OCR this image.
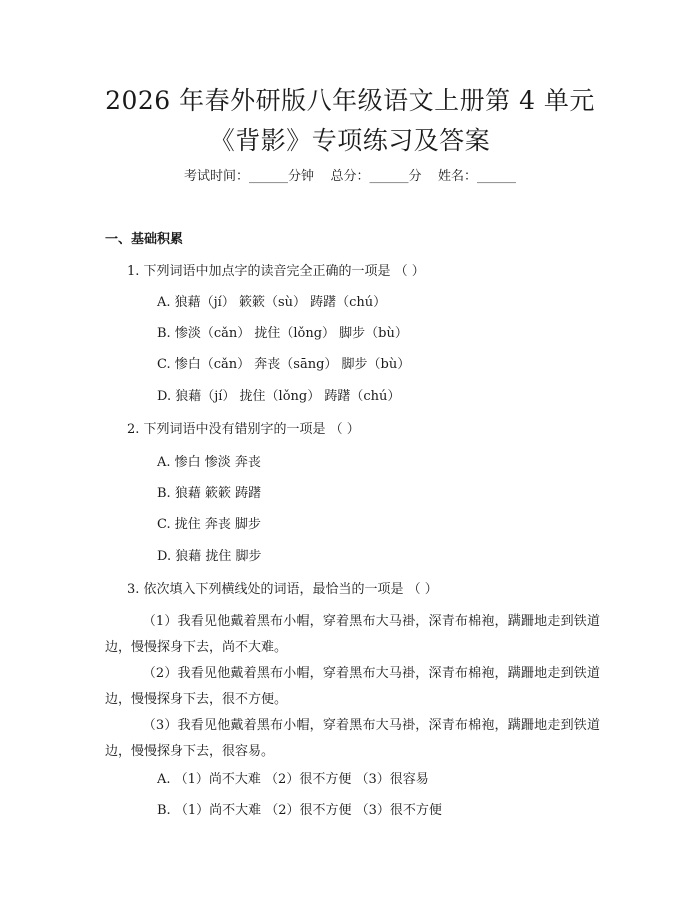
2026 年春外研版八年级语文上册第 4 单元
《背影》专项练习及答案
考试时间：______分钟    总分：______分    姓名：______
一、基础积累
1. 下列词语中加点字的读音完全正确的一项是 （ ）
A. 狼藉（jí） 簌簌（sù） 踌躇（chú）
B. 惨淡（cǎn） 拢住（lǒng） 脚步（bù）
C. 惨白（cǎn） 奔丧（sāng） 脚步（bù）
D. 狼藉（jí） 拢住（lǒng） 踌躇（chú）
2. 下列词语中没有错别字的一项是 （ ）
A. 惨白 惨淡 奔丧
B. 狼藉 簌簌 踌躇
C. 拢住 奔丧 脚步
D. 狼藉 拢住 脚步
3. 依次填入下列横线处的词语，最恰当的一项是 （ ）
（1）我看见他戴着黑布小帽，穿着黑布大马褂，深青布棉袍，蹒跚地走到铁道边，慢慢探身下去，尚不大难。
（2）我看见他戴着黑布小帽，穿着黑布大马褂，深青布棉袍，蹒跚地走到铁道边，慢慢探身下去，很不方便。
（3）我看见他戴着黑布小帽，穿着黑布大马褂，深青布棉袍，蹒跚地走到铁道边，慢慢探身下去，很容易。
A. （1）尚不大难 （2）很不方便 （3）很容易
B. （1）尚不大难 （2）很不方便 （3）很不方便
